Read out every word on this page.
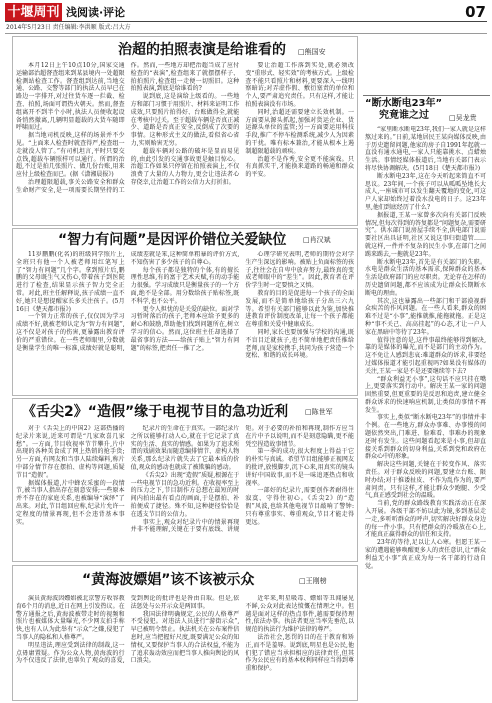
十堰周刊 浅阅读·评论	07
2014年5月23日 责任编辑:李洪顺 版式:吕大方
治超的拍照表演是给谁看的 □熊国安

本月12日上午10点10分,国家交通运输部治超督查组来到某县境内一处超限检测站检查工作。督查组到达前,当地交通、公路、交警等部门的执法人员早已在路边一字排开,对过往货车逐一拦截、检查、拍照,场面可谓热火朝天。然而,督查组离开不到半个小时,执法人员便收起设备悄然撤离,几辆明显超载的大货车随即呼啸而过。

据当地司机反映,这样的场景并不少见。“上面来人检查时就查得严,检查组一走就没人管了。”有司机坦言,平时只要交点钱,超载车辆照样可以通行。所谓的治超,不过是拍几张照片、做几份台账,用来应付上级检查而已。(据《潇湘晨报》)

治理超限超载,事关公路安全和群众生命财产安全,是一项需要长期坚持的工作。然而,一些地方却把治超当成了应付检查的“表演”,检查组来了就摆摆样子、拍拍照片,检查组一走便一切照旧。这种拍照表演,到底是给谁看的?

说到底,这是演给上级看的。一些地方和部门习惯于用照片、材料来证明工作成效,只要照片拍得好、台账做得全,就能在考核中过关。至于超载车辆是否真正减少、道路是否真正安全,反倒成了次要的事情。这种形式主义的做法,看似省心省力,实则贻害无穷。

超载车辆对公路的破坏是显而易见的,由此引发的交通事故更是触目惊心。治超工作如果只停留在拍照表演上,不仅浪费了大量的人力物力,更会让违法者心存侥幸,让治超工作的公信力大打折扣。

要让治超工作落到实处,就必须改变“重形式、轻实效”的考核方式。上级检查不能只看照片和材料,更要深入一线明察暗访;对弄虚作假、敷衍塞责的单位和个人,要严肃追究责任。只有这样,才能让拍照表演没有市场。

同时,治超还需要建立长效机制。一方面要从源头抓起,加强对货运企业、货运源头单位的监管;另一方面要运用科技手段,推广不停车检测系统,减少人为因素的干扰。唯有标本兼治,才能从根本上遏制超限超载的顽疾。

治超不是作秀,安全更不能演戏。只有真抓实干,才能换来道路的畅通和群众的平安。

“智力有问题”是因评价错位关爱缺位 □肖汉斌

11岁鹏鹏(化名)的班级同学照片上,全班只有他一个人被老师用红笔写上了“智力有问题”几个字。拿到照片后,鹏鹏的父母既生气又伤心,带着孩子到医院进行了检查,结果显示孩子智力完全正常。对此,班主任解释说,孩子成绩一直不好,她只是想提醒家长多关注孩子。(5月16日《楚天都市报》)

一个智力正常的孩子,仅仅因为学习成绩不好,就被老师认定为“智力有问题”,这不仅是对孩子的伤害,更暴露出教育评价的严重错位。在一些老师眼里,分数就是衡量学生的唯一标准,成绩好就是聪明,成绩差就是笨,这种简单粗暴的评价方式,不知伤害了多少孩子的自尊心。

每个孩子都是独特的个体,有的擅长理性思维,有的富于艺术天赋,有的动手能力很强。学习成绩只是衡量孩子的一个方面,绝不是全部。用分数给孩子贴标签,既不科学,也不公平。

更令人担忧的是关爱的缺位。面对学习暂时落后的孩子,老师本应给予更多的耐心和鼓励,帮助他们找到问题所在,树立学习的信心。然而,这位班主任却选择了最省事的方法——给孩子贴上“智力有问题”的标签,把责任一推了之。

心理学研究表明,老师的期待会对学生产生深远的影响。被贴上负面标签的孩子,往往会在自卑中放弃努力,最终真的变成老师眼中的“差生”。因此,教育者在评价学生时一定要慎之又慎。

教育的目的是促进每一个孩子的全面发展,而不是简单地给孩子分出三六九等。希望有关部门能够以此为鉴,加快推进教育评价制度改革,让每一个孩子都能在尊重和关爱中健康成长。

同时,家长也要加强与学校的沟通,既不盲目迁就孩子,也不简单地把责任推给老师,而是家校携手,共同为孩子营造一个宽松、和谐的成长环境。

《舌尖2》“造假”缘于电视节目的急功近利 □陈世军

对于《舌尖上的中国2》这部热播的纪录片来说,近来可谓是“几家欢喜几家愁”。一方面,节目收视率节节攀升,片中出现的各种美食成了网上热销的抢手货;另一方面,有网友和当事人陆续爆料,称片中部分情节存在摆拍、虚构等问题,质疑节目“造假”。

据媒体报道,片中蜂农采蜜的一段情节,被当事人指出存在刻意安排;一些原本并不存在的家庭关系,也被编导“演绎”了出来。对此,节目组回应称,纪录片允许一定程度的情景再现,但不会违背基本事实。

纪录片的生命在于真实。一部纪录片之所以能够打动人心,就在于它记录了真实的生活、真实的情感。如果为了追求所谓的戏剧效果而随意编排情节、虚构人物关系,那么纪录片就失去了它最本质的价值,观众的感动也就成了被欺骗的感动。

《舌尖2》出现“造假”质疑,根源在于一些电视节目的急功近利。在收视率至上的压力之下,节目制作方总想在最短的时间内拍出最有看点的画面,于是摆拍、补拍便成了捷径。殊不知,这种捷径恰恰是在透支节目的公信力。

事实上,观众对纪录片中的情景再现并非不能理解,关键在于要有底线、讲规矩。对于必要的补拍和再现,制作方应当在片中予以说明,而不是刻意隐瞒,更不能凭空捏造故事情节。

第一季的成功,很大程度上得益于它的朴实与真诚。希望节目组能够正视网友的批评,放慢脚步,沉下心来,用真实的镜头讲好中国故事,而不是一味追逐热点和收视率。

一部好的纪录片,需要创作者耐得住寂寞、守得住初心。《舌尖2》的“造假”风波,也给其他电视节目敲响了警钟:只有尊重事实、尊重观众,节目才能走得更远。

“黄海波嫖娼”该不该被示众	□王刚榜

演员黄海波因嫖娼被北京警方收容教育6个月的消息,近日在网上引发热议。在警方通报之后,黄海波被带走时的视频和照片也被媒体大量曝光,不少网友拍手称快,也有人认为此举有“示众”之嫌,侵犯了当事人的隐私和人格尊严。

明星违法,理应受到法律的制裁,这一点毋庸置疑。作为公众人物,黄海波的行为不仅违反了法律,也辜负了观众的喜爱,受到舆论的批评也是咎由自取。但是,依法惩处与公开示众是两回事。

我国法律明确规定,公民的人格尊严不受侵犯。对违法人员进行“游街示众”,早已被明令禁止。执法机关在公布案件信息时,应当把握好尺度,既要满足公众的知情权,又要保护当事人的合法权益,不能为了追求轰动效应而把当事人推向舆论的风口浪尖。

近年来,明星吸毒、嫖娼等丑闻屡见不鲜,公众对此表达愤慨在情理之中。但越是面对这样的热点事件,越需要保持理性,依法办事。执法者更应当率先垂范,以规范的执法行为维护法律的尊严。

法治社会,惩罚的目的在于教育和矫正,而不是羞辱。说到底,明星也是公民,他们犯了错应当承担相应的法律责任,但其作为公民应有的基本权利同样应当得到尊重和保护。

“断水断电23年”
究竟谁之过	□吴龙贵

“家里断水断电23年,我们一家人就是这样熬过来的。”日前,某地居民王某向媒体反映,由于历史遗留问题,他家的房子自1991年起就一直没有通水通电,一家人只能靠挑水、点蜡烛生活。事情经媒体报道后,当地有关部门表示将尽快协调解决。(5月18日《楚天都市报》)

断水断电23年,这在今天听起来简直不可思议。23年间,一个孩子可以从呱呱坠地长大成人,一座城市可以发生翻天覆地的变化,可这户人家却始终过着没水没电的日子。这23年里,他们到底经历了什么?

据报道,王某一家曾多次向有关部门反映情况,但每次得到的答复都是“问题复杂,需要研究”。供水部门说房屋手续不全,供电部门说需要社区出具证明,社区又说这事归街道管……就这样,一件并不复杂的民生小事,在部门之间踢来踢去,一拖就是23年。

断水断电23年,首先是有关部门的失职。水电是群众生活的基本需求,保障群众的基本生活是政府部门的应尽职责。无论存在怎样的历史遗留问题,都不应该成为让群众长期断水断电的理由。

其次,这也暴露出一些部门和干部漠视群众疾苦的作风问题。在一些人看来,群众的困难不过是“小事”,能推就推,能拖就拖。正是这种“事不关己、高高挂起”的心态,才让一户人家在黑暗中等待了23年。

值得注意的是,这件事最终能够得到解决,靠的是媒体的曝光,而不是部门的主动作为。这不免让人感到悲哀:难道群众的诉求,非要经过媒体报道才能引起重视吗?如果没有媒体的关注,王某一家是不是还要继续等下去?

“群众利益无小事”,这句话不应只挂在嘴上,更要落实到行动中。解决王某一家的问题固然重要,但更重要的是反思和追责,建立健全群众诉求的快速响应机制,让类似的事情不再发生。

事实上,类似“断水断电23年”的事情并非个例。在一些地方,群众办事难、办事慢的问题依然突出,门难进、脸难看、事难办的现象还时有发生。这些问题看起来是小事,但却直接关系到群众的切身利益,关系到党和政府在群众心中的形象。

解决这些问题,关键在于转变作风、落实责任。对于群众反映的问题,要建立台账、限时办结;对于推诿扯皮、不作为乱作为的,要严肃问责。只有这样,才能让群众少跑腿、少受气,真正感受到社会的温暖。

当前,党的群众路线教育实践活动正在深入开展。各级干部不妨以此为镜,多到基层走一走,多听听群众的呼声,切实解决好群众身边的每一件小事。只有把群众的冷暖放在心上,才能真正赢得群众的信任和支持。

23年的等待,足以让人心寒。但愿王某一家的遭遇能够唤醒更多人的责任意识,让“群众利益无小事”真正成为每一名干部的行动自觉。
